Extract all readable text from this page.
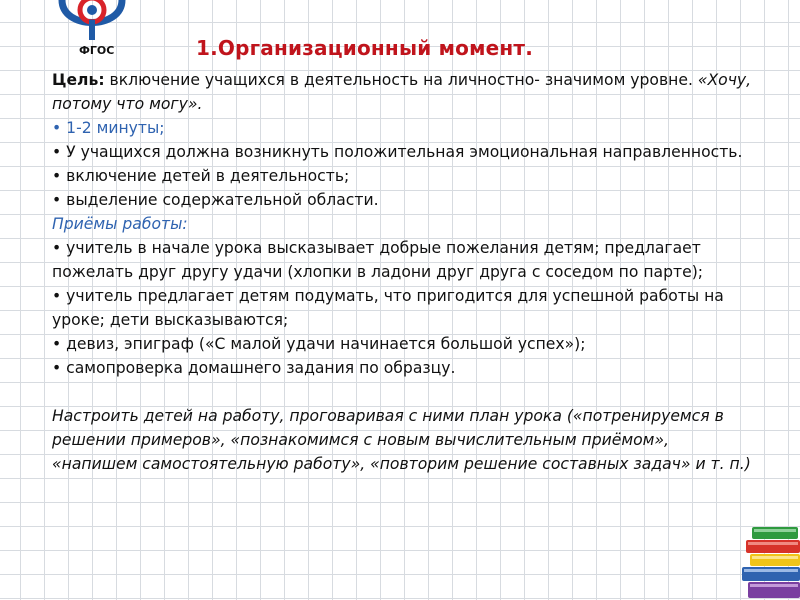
ФГОС	1.Организационный момент.

Цель: включение учащихся в деятельность на личностно- значимом уровне. «Хочу, потому что могу».

• 1-2 минуты;

• У учащихся должна возникнуть положительная эмоциональная направленность.

• включение детей в деятельность;

• выделение содержательной области.

Приёмы работы:

• учитель в начале урока высказывает добрые пожелания детям; предлагает пожелать друг другу удачи (хлопки в ладони друг друга с соседом по парте);

• учитель предлагает детям подумать, что пригодится для успешной работы на уроке; дети высказываются;

• девиз, эпиграф («С малой удачи начинается большой успех»);

• самопроверка домашнего задания по образцу.

Настроить детей на работу, проговаривая с ними план урока («потренируемся в решении примеров», «познакомимся с новым вычислительным приёмом», «напишем самостоятельную работу», «повторим решение составных задач» и т. п.)
